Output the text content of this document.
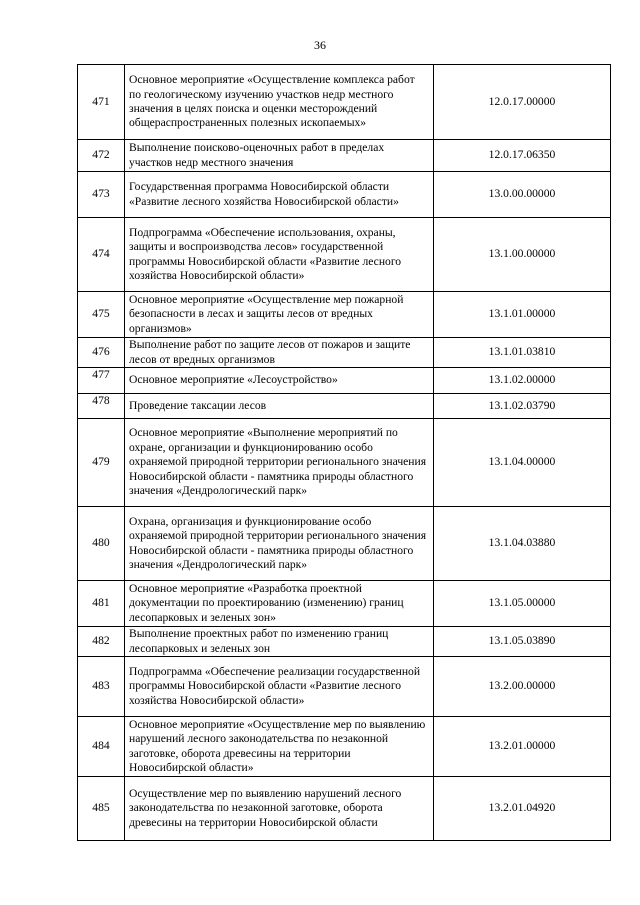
36
471	Основное мероприятие «Осуществление комплекса работ по геологическому изучению участков недр местного значения в целях поиска и оценки месторождений общераспространенных полезных ископаемых»	12.0.17.00000
472	Выполнение поисково-оценочных работ в пределах участков недр местного значения	12.0.17.06350
473	Государственная программа Новосибирской области «Развитие лесного хозяйства Новосибирской области»	13.0.00.00000
474	Подпрограмма «Обеспечение использования, охраны, защиты и воспроизводства лесов» государственной программы Новосибирской области «Развитие лесного хозяйства Новосибирской области»	13.1.00.00000
475	Основное мероприятие «Осуществление мер пожарной безопасности в лесах и защиты лесов от вредных организмов»	13.1.01.00000
476	Выполнение работ по защите лесов от пожаров и защите лесов от вредных организмов	13.1.01.03810
477	Основное мероприятие «Лесоустройство»	13.1.02.00000
478	Проведение таксации лесов	13.1.02.03790
479	Основное мероприятие «Выполнение мероприятий по охране, организации и функционированию особо охраняемой природной территории регионального значения Новосибирской области - памятника природы областного значения «Дендрологический парк»	13.1.04.00000
480	Охрана, организация и функционирование особо охраняемой природной территории регионального значения Новосибирской области - памятника природы областного значения «Дендрологический парк»	13.1.04.03880
481	Основное мероприятие «Разработка проектной документации по проектированию (изменению) границ лесопарковых и зеленых зон»	13.1.05.00000
482	Выполнение проектных работ по изменению границ лесопарковых и зеленых зон	13.1.05.03890
483	Подпрограмма «Обеспечение реализации государственной программы Новосибирской области «Развитие лесного хозяйства Новосибирской области»	13.2.00.00000
484	Основное мероприятие «Осуществление мер по выявлению нарушений лесного законодательства по незаконной заготовке, оборота древесины на территории Новосибирской области»	13.2.01.00000
485	Осуществление мер по выявлению нарушений лесного законодательства по незаконной заготовке, оборота древесины на территории Новосибирской области	13.2.01.04920
